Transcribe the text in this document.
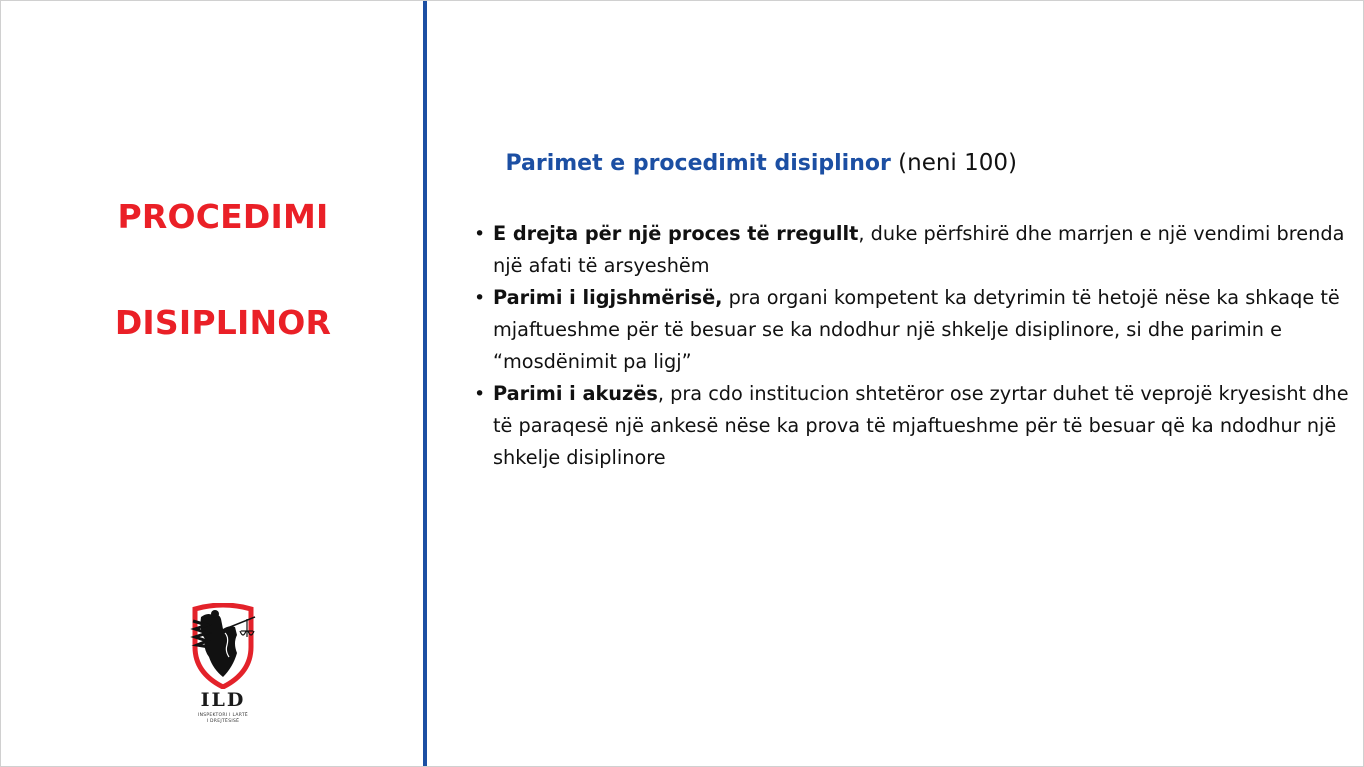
PROCEDIMI
DISIPLINOR
ILD
INSPEKTORI I LARTË
I DREJTËSISË
Parimet e procedimit disiplinor (neni 100)
• E drejta për një proces të rregullt, duke përfshirë dhe marrjen e një vendimi brenda një afati të arsyeshëm
• Parimi i ligjshmërisë, pra organi kompetent ka detyrimin të hetojë nëse ka shkaqe të mjaftueshme për të besuar se ka ndodhur një shkelje disiplinore, si dhe parimin e “mosdënimit pa ligj”
• Parimi i akuzës, pra cdo institucion shtetëror ose zyrtar duhet të veprojë kryesisht dhe të paraqesë një ankesë nëse ka prova të mjaftueshme për të besuar që ka ndodhur një shkelje disiplinore
